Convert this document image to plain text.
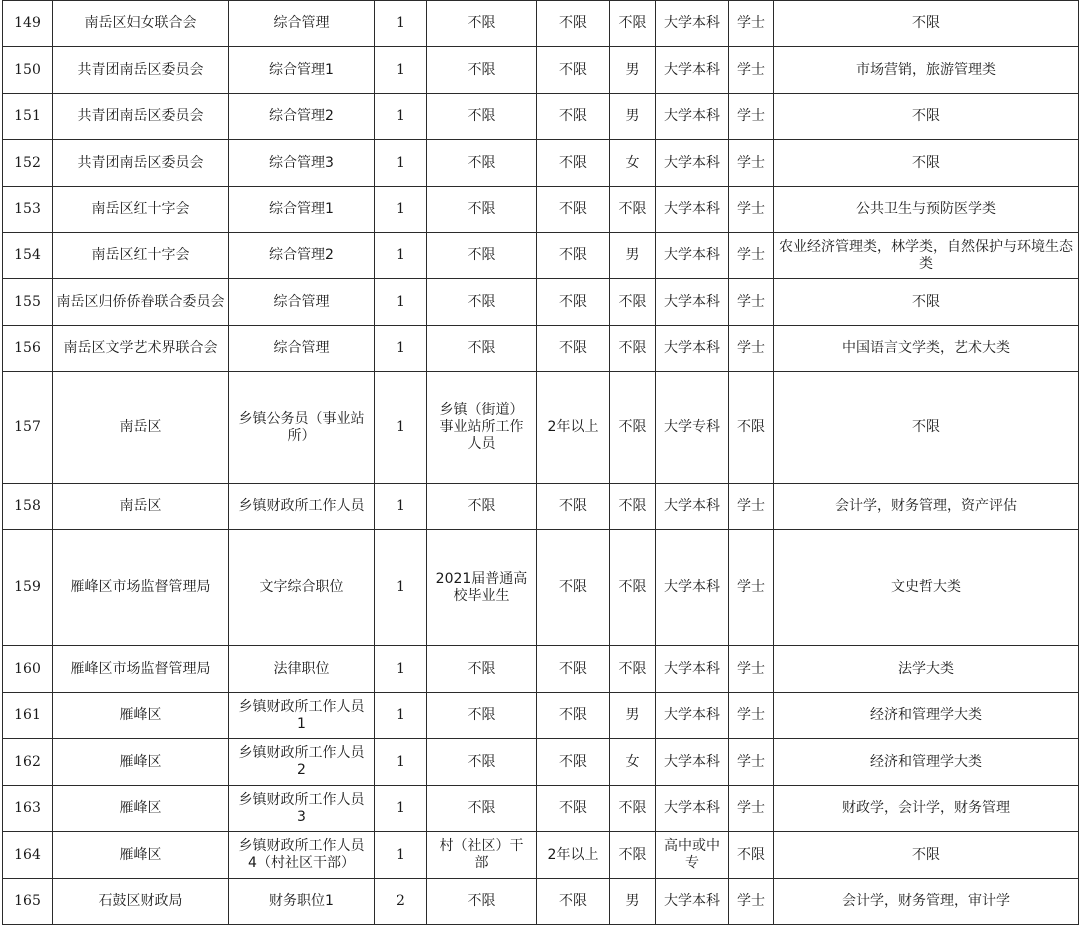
149	南岳区妇女联合会	综合管理	1	不限	不限	不限	大学本科	学士	不限
150	共青团南岳区委员会	综合管理1	1	不限	不限	男	大学本科	学士	市场营销，旅游管理类
151	共青团南岳区委员会	综合管理2	1	不限	不限	男	大学本科	学士	不限
152	共青团南岳区委员会	综合管理3	1	不限	不限	女	大学本科	学士	不限
153	南岳区红十字会	综合管理1	1	不限	不限	不限	大学本科	学士	公共卫生与预防医学类
154	南岳区红十字会	综合管理2	1	不限	不限	男	大学本科	学士	农业经济管理类，林学类，自然保护与环境生态类
155	南岳区归侨侨眷联合委员会	综合管理	1	不限	不限	不限	大学本科	学士	不限
156	南岳区文学艺术界联合会	综合管理	1	不限	不限	不限	大学本科	学士	中国语言文学类，艺术大类
157	南岳区	乡镇公务员（事业站所）	1	乡镇（街道）事业站所工作人员	2年以上	不限	大学专科	不限	不限
158	南岳区	乡镇财政所工作人员	1	不限	不限	不限	大学本科	学士	会计学，财务管理，资产评估
159	雁峰区市场监督管理局	文字综合职位	1	2021届普通高校毕业生	不限	不限	大学本科	学士	文史哲大类
160	雁峰区市场监督管理局	法律职位	1	不限	不限	不限	大学本科	学士	法学大类
161	雁峰区	乡镇财政所工作人员1	1	不限	不限	男	大学本科	学士	经济和管理学大类
162	雁峰区	乡镇财政所工作人员2	1	不限	不限	女	大学本科	学士	经济和管理学大类
163	雁峰区	乡镇财政所工作人员3	1	不限	不限	不限	大学本科	学士	财政学，会计学，财务管理
164	雁峰区	乡镇财政所工作人员4（村社区干部）	1	村（社区）干部	2年以上	不限	高中或中专	不限	不限
165	石鼓区财政局	财务职位1	2	不限	不限	男	大学本科	学士	会计学，财务管理，审计学
